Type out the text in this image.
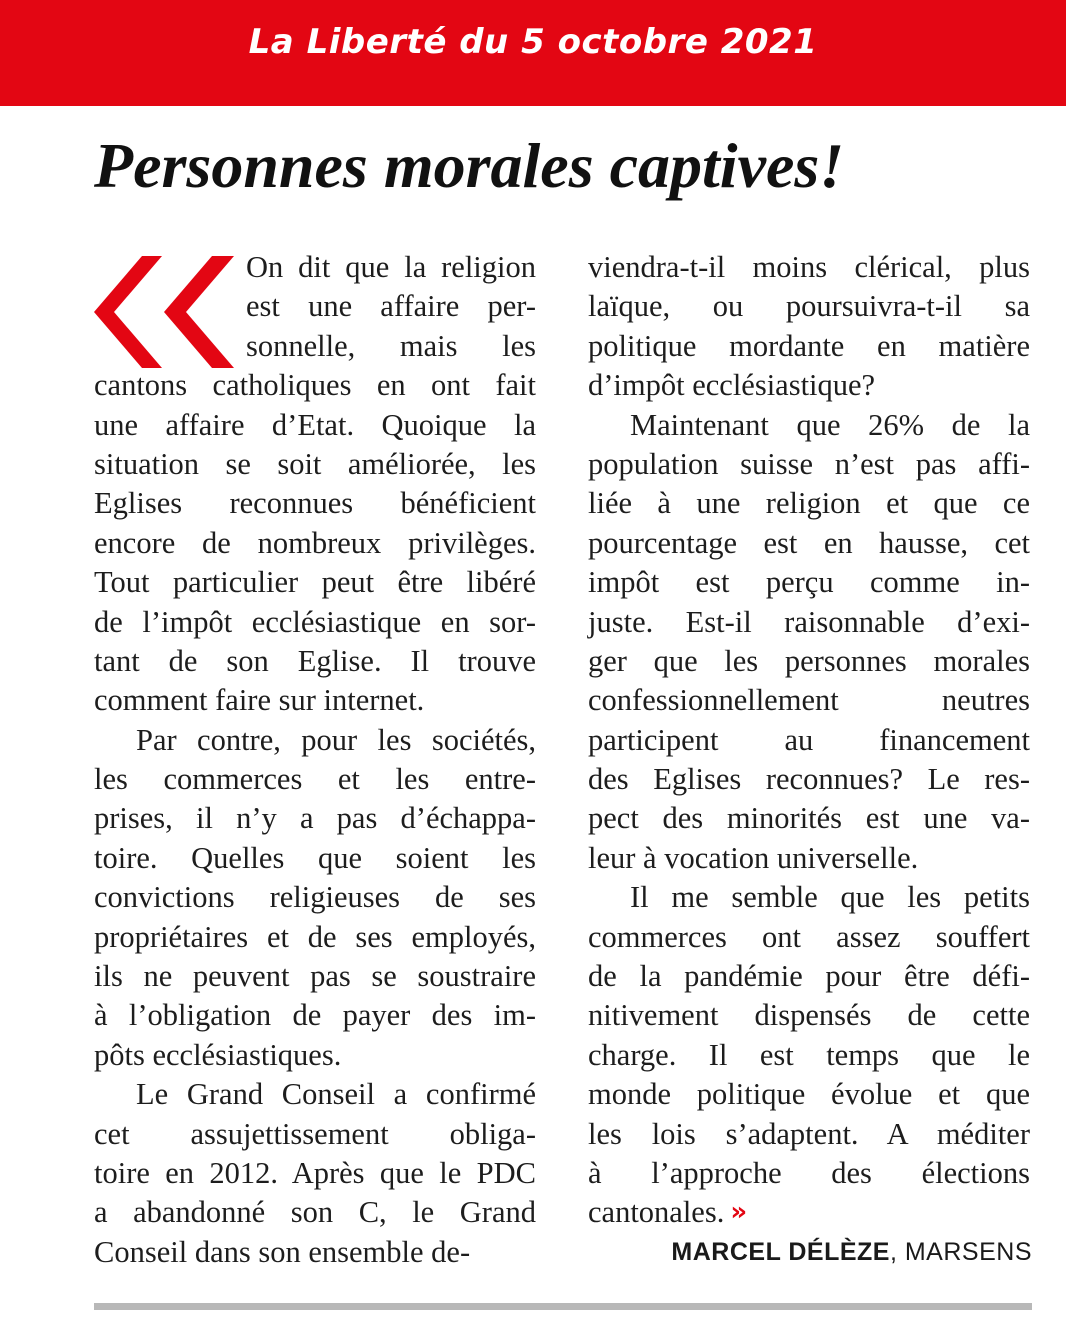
La Liberté du 5 octobre 2021
Personnes morales captives!

On dit que la religion
est une affaire per-
sonnelle, mais les
cantons catholiques en ont fait
une affaire d’Etat. Quoique la
situation se soit améliorée, les
Eglises reconnues bénéficient
encore de nombreux privilèges.
Tout particulier peut être libéré
de l’impôt ecclésiastique en sor-
tant de son Eglise. Il trouve
comment faire sur internet.

Par contre, pour les sociétés,
les commerces et les entre-
prises, il n’y a pas d’échappa-
toire. Quelles que soient les
convictions religieuses de ses
propriétaires et de ses employés,
ils ne peuvent pas se soustraire
à l’obligation de payer des im-
pôts ecclésiastiques.

Le Grand Conseil a confirmé
cet assujettissement obliga-
toire en 2012. Après que le PDC
a abandonné son C, le Grand
Conseil dans son ensemble de-

viendra-t-il moins clérical, plus
laïque, ou poursuivra-t-il sa
politique mordante en matière
d’impôt ecclésiastique?

Maintenant que 26% de la
population suisse n’est pas affi-
liée à une religion et que ce
pourcentage est en hausse, cet
impôt est perçu comme in-
juste. Est-il raisonnable d’exi-
ger que les personnes morales
confessionnellement neutres
participent au financement
des Eglises reconnues? Le res-
pect des minorités est une va-
leur à vocation universelle.

Il me semble que les petits
commerces ont assez souffert
de la pandémie pour être défi-
nitivement dispensés de cette
charge. Il est temps que le
monde politique évolue et que
les lois s’adaptent. A méditer
à l’approche des élections
cantonales. »

MARCEL DÉLÈZE, MARSENS
